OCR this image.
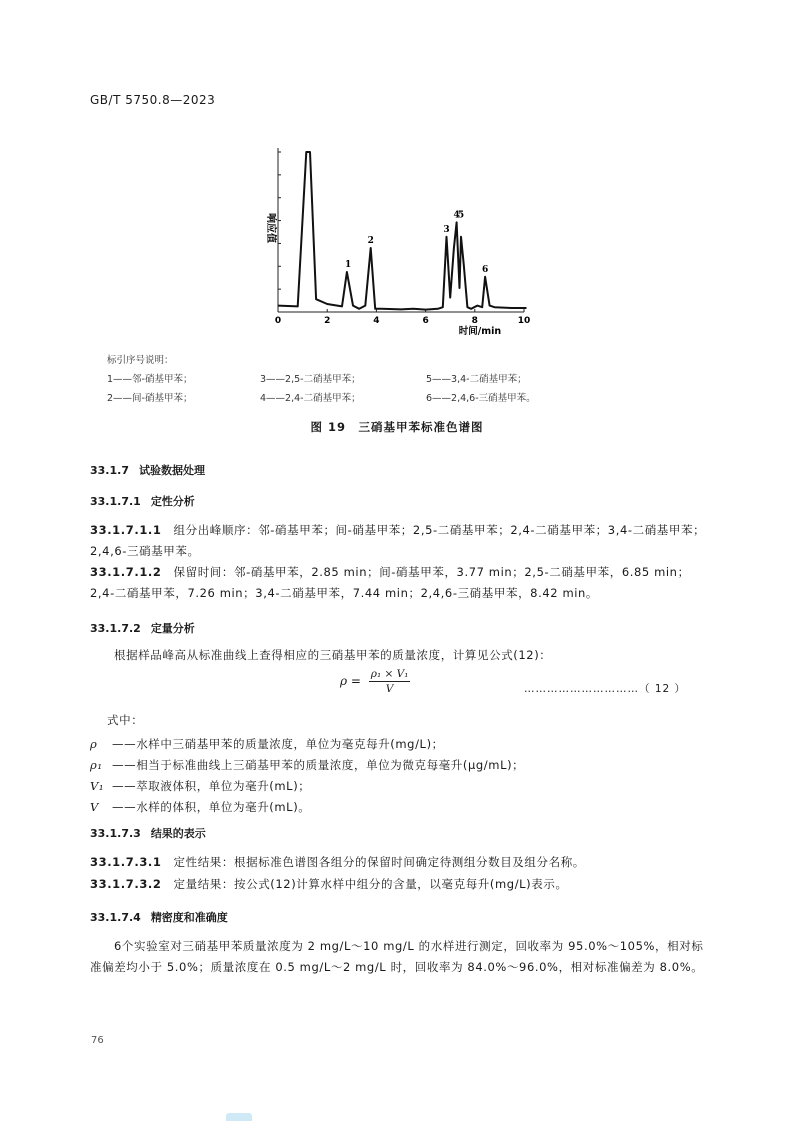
GB/T 5750.8—2023
0	2	4	6	8	10
1
2
3
4
5
6
响应值
时间/min
标引序号说明：
1——邻-硝基甲苯；	3——2,5-二硝基甲苯；	5——3,4-二硝基甲苯；
2——间-硝基甲苯；	4——2,4-二硝基甲苯；	6——2,4,6-三硝基甲苯。
图 19　三硝基甲苯标准色谱图
33.1.7 试验数据处理
33.1.7.1 定性分析
33.1.7.1.1 组分出峰顺序：邻-硝基甲苯；间-硝基甲苯；2,5-二硝基甲苯；2,4-二硝基甲苯；3,4-二硝基甲苯；2,4,6-三硝基甲苯。
33.1.7.1.2 保留时间：邻-硝基甲苯，2.85 min；间-硝基甲苯，3.77 min；2,5-二硝基甲苯，6.85 min；2,4-二硝基甲苯，7.26 min；3,4-二硝基甲苯，7.44 min；2,4,6-三硝基甲苯，8.42 min。
33.1.7.2 定量分析
根据样品峰高从标准曲线上查得相应的三硝基甲苯的质量浓度，计算见公式(12)：
$\rho = \frac{\text{ρ₁ × V₁}}{V}$	…………………………（ 12 ）
式中：
ρ ——水样中三硝基甲苯的质量浓度，单位为毫克每升(mg/L)；
ρ₁ ——相当于标准曲线上三硝基甲苯的质量浓度，单位为微克每毫升(μg/mL)；
V₁ ——萃取液体积，单位为毫升(mL)；
V ——水样的体积，单位为毫升(mL)。
33.1.7.3 结果的表示
33.1.7.3.1 定性结果：根据标准色谱图各组分的保留时间确定待测组分数目及组分名称。
33.1.7.3.2 定量结果：按公式(12)计算水样中组分的含量，以毫克每升(mg/L)表示。
33.1.7.4 精密度和准确度
6个实验室对三硝基甲苯质量浓度为 2 mg/L～10 mg/L 的水样进行测定，回收率为 95.0%～105%，相对标准偏差均小于 5.0%；质量浓度在 0.5 mg/L～2 mg/L 时，回收率为 84.0%～96.0%，相对标准偏差为 8.0%。
76
